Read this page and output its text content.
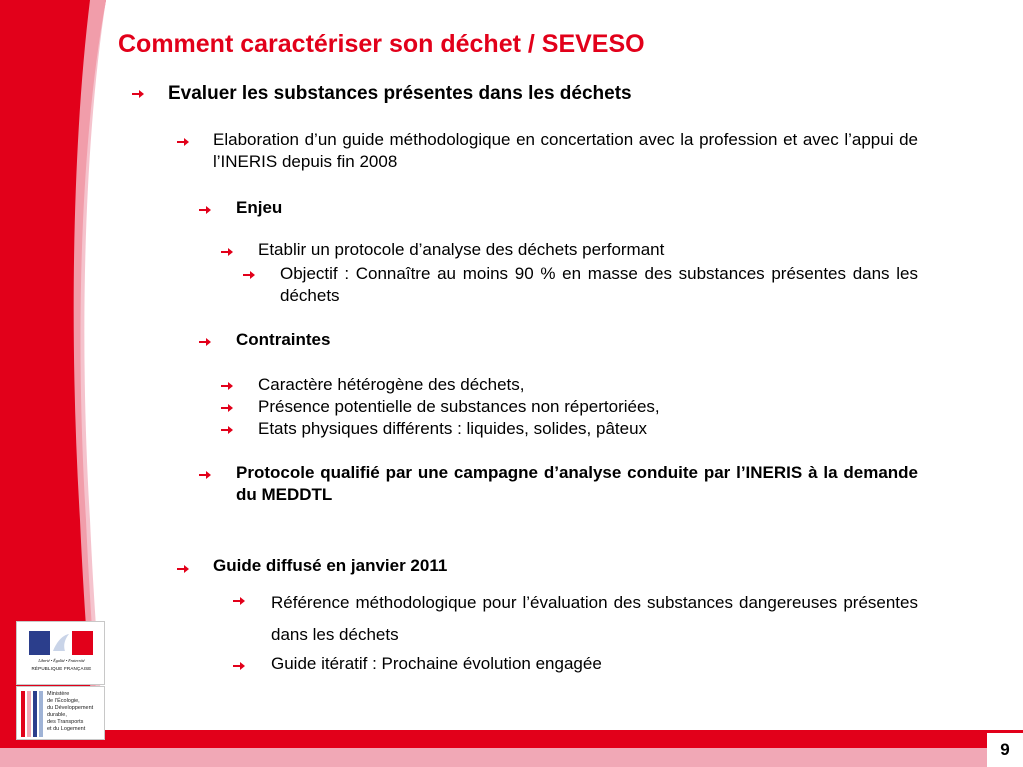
9
Liberté • Égalité • Fraternité
RÉPUBLIQUE FRANÇAISE
Ministère
de l’Écologie,
du Développement
durable,
des Transports
et du Logement
Comment caractériser son déchet / SEVESO
Evaluer les substances présentes dans les déchets
Elaboration d’un guide méthodologique en concertation avec la profession et avec l’appui de l’INERIS depuis fin 2008
Enjeu
Etablir un protocole d’analyse des déchets performant
Objectif : Connaître au moins 90 % en masse des substances présentes dans les déchets
Contraintes
Caractère hétérogène des déchets,
Présence potentielle de substances non répertoriées,
Etats physiques différents : liquides, solides, pâteux
Protocole qualifié par une campagne d’analyse conduite par l’INERIS à la demande du MEDDTL
Guide diffusé en janvier 2011
Référence méthodologique pour l’évaluation des substances dangereuses présentes dans les déchets
Guide itératif : Prochaine évolution engagée
